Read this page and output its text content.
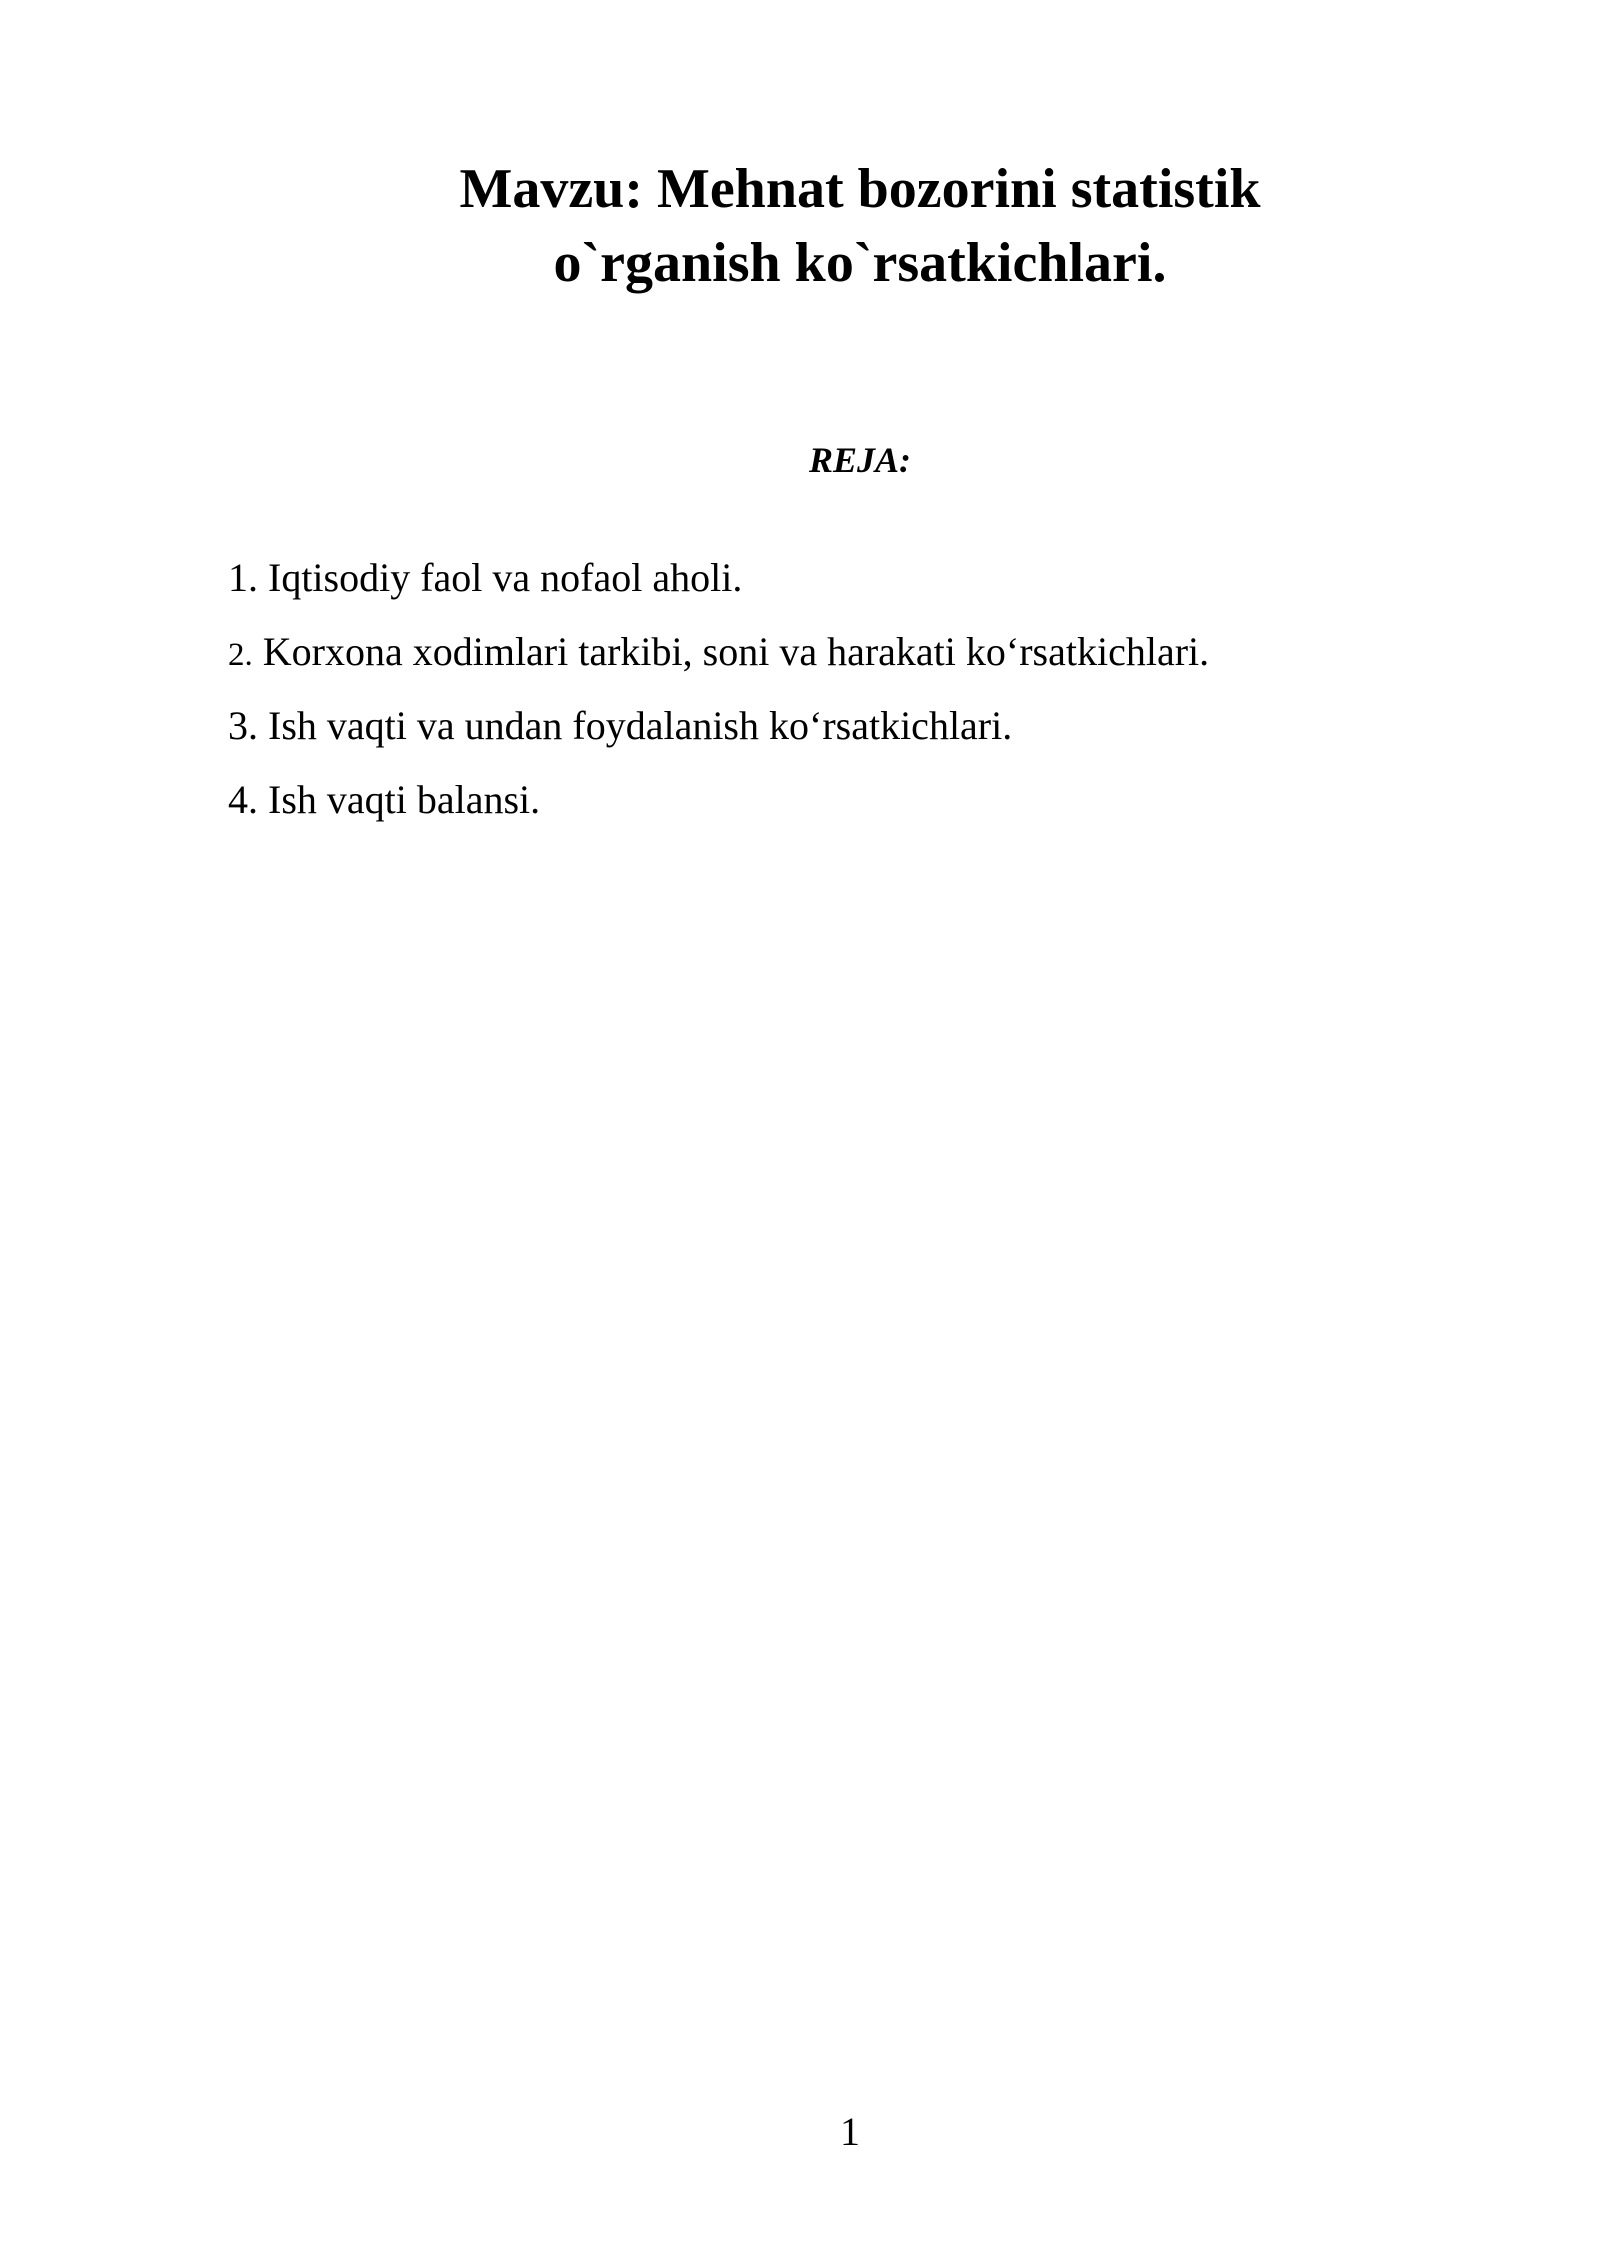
Mavzu: Mehnat bozorini statistik
o`rganish ko`rsatkichlari.

REJA:

1. Iqtisodiy faol va nofaol aholi.
2. Korxona xodimlari tarkibi, soni va harakati ko‘rsatkichlari.
3. Ish vaqti va undan foydalanish ko‘rsatkichlari.
4. Ish vaqti balansi.
1
